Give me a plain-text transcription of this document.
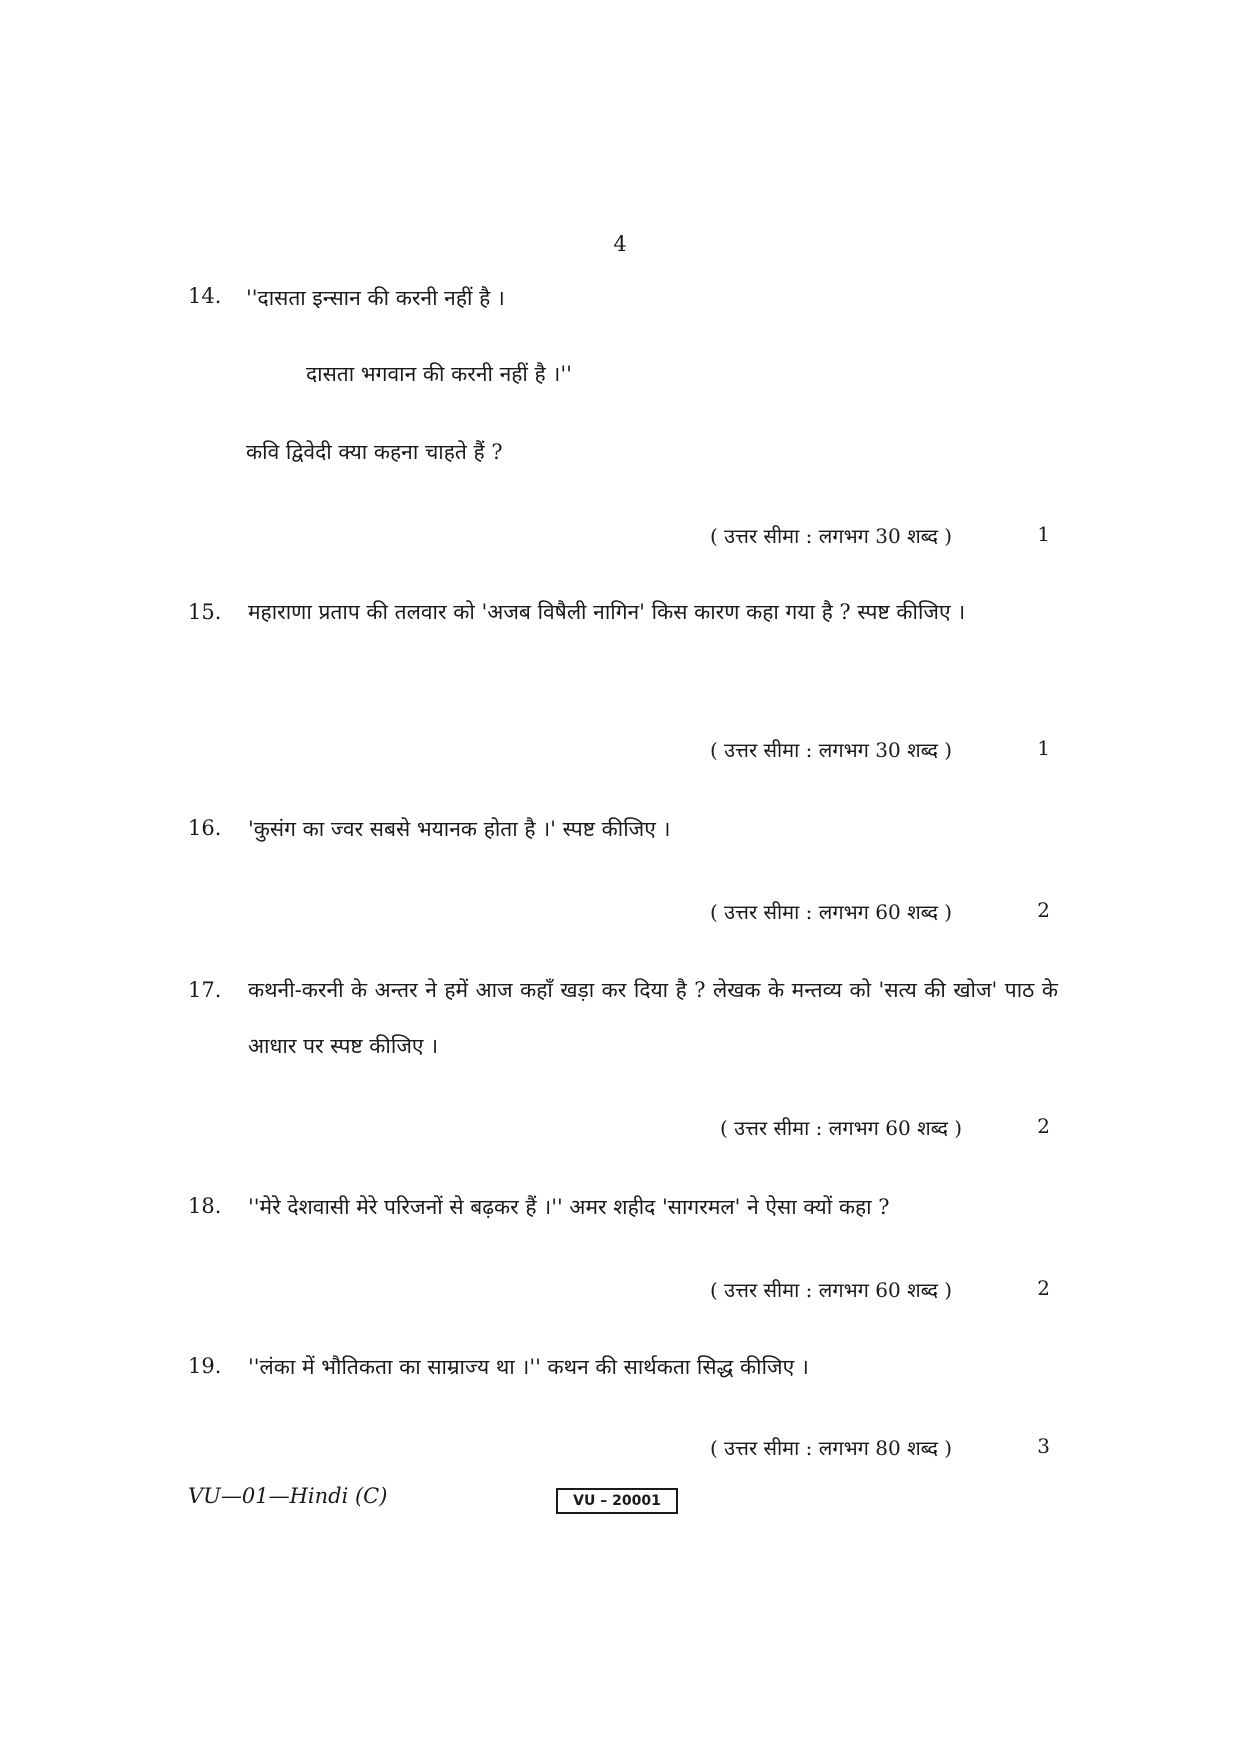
4
14. ''दासता इन्सान की करनी नहीं है ।
दासता भगवान की करनी नहीं है ।''
कवि द्विवेदी क्या कहना चाहते हैं ?
( उत्तर सीमा : लगभग 30 शब्द )	1
15. महाराणा प्रताप की तलवार को 'अजब विषैली नागिन' किस कारण कहा गया है ? स्पष्ट कीजिए ।
( उत्तर सीमा : लगभग 30 शब्द )	1
16. 'कुसंग का ज्वर सबसे भयानक होता है ।' स्पष्ट कीजिए ।
( उत्तर सीमा : लगभग 60 शब्द )	2
17. कथनी-करनी के अन्तर ने हमें आज कहाँ खड़ा कर दिया है ? लेखक के मन्तव्य को 'सत्य की खोज' पाठ के आधार पर स्पष्ट कीजिए ।
( उत्तर सीमा : लगभग 60 शब्द )	2
18. ''मेरे देशवासी मेरे परिजनों से बढ़कर हैं ।'' अमर शहीद 'सागरमल' ने ऐसा क्यों कहा ?
( उत्तर सीमा : लगभग 60 शब्द )	2
19. ''लंका में भौतिकता का साम्राज्य था ।'' कथन की सार्थकता सिद्ध कीजिए ।
( उत्तर सीमा : लगभग 80 शब्द )	3
VU—01—Hindi (C)	VU – 20001
